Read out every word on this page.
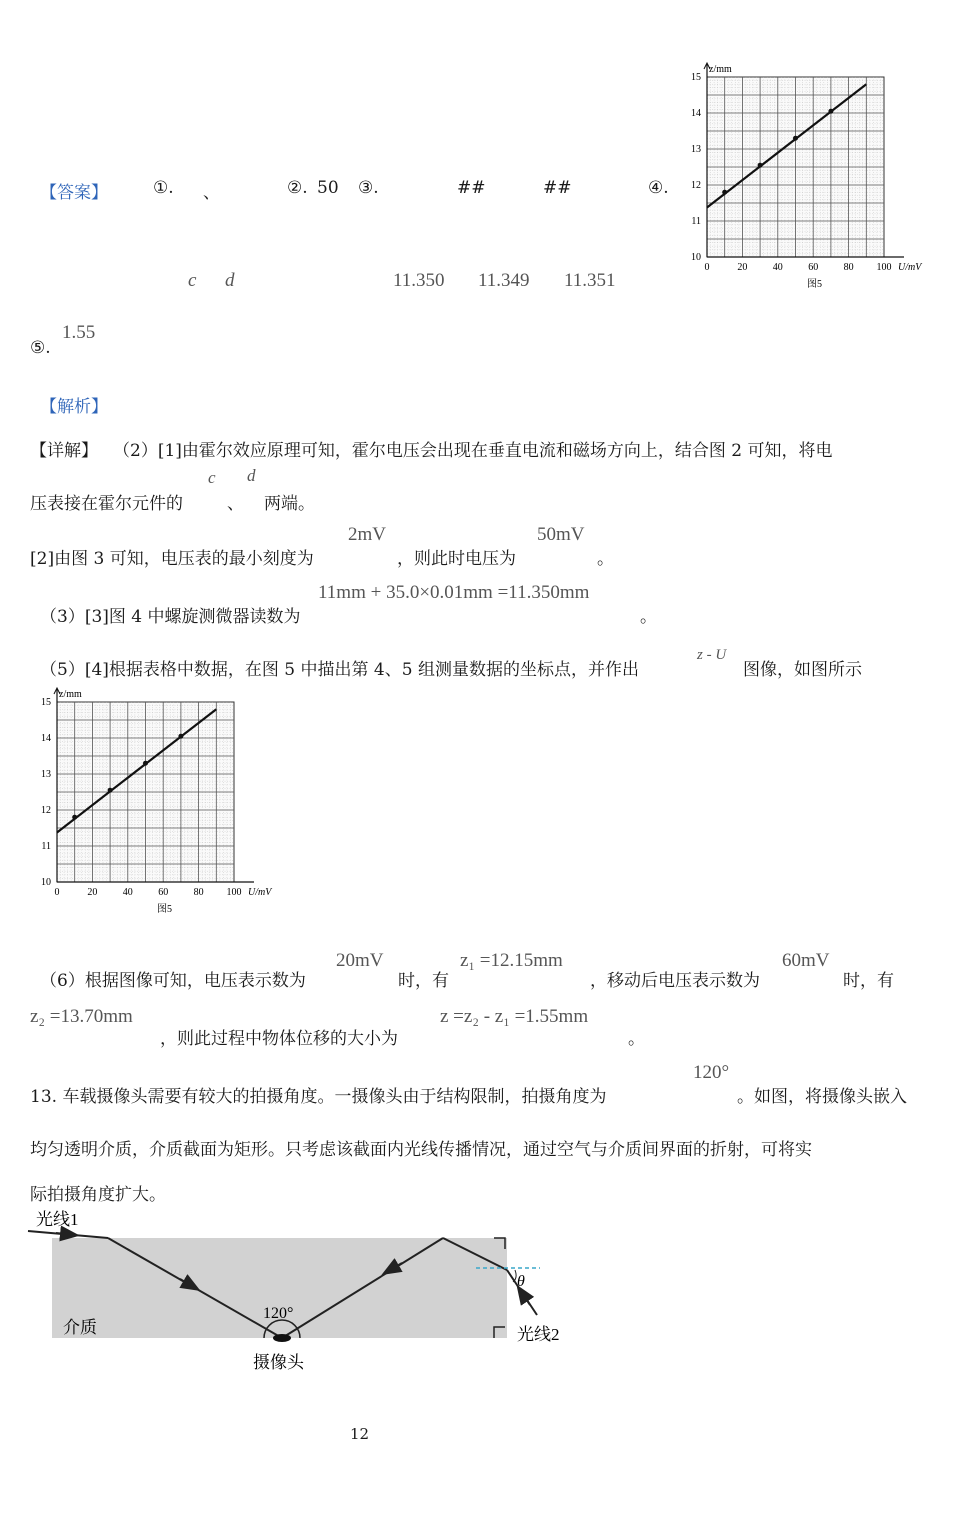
【答案】	①. 、	②. 50 ③.	##	##	④.
c d	11.350 11.349 11.351
1.55
⑤.
15
14
13
12
11
10
0	20	40	60	80 100
z/mm
U/mV
图5
【解析】
【详解】 （2）[1]由霍尔效应原理可知，霍尔电压会出现在垂直电流和磁场方向上，结合图 2 可知，将电
压表接在霍尔元件的
c
、
d
两端。
[2]由图 3 可知，电压表的最小刻度为
2mV
，则此时电压为
50mV
。
（3）[3]图 4 中螺旋测微器读数为
11mm + 35.0×0.01mm =11.350mm
。
（5）[4]根据表格中数据，在图 5 中描出第 4、5 组测量数据的坐标点，并作出
z - U
图像，如图所示
15
14
13
12
11
10
0	20	40	60	80 100
z/mm
U/mV
图5
（6）根据图像可知，电压表示数为
20mV
时，有
z₁ =12.15mm
，移动后电压表示数为
60mV
时，有
z₂ =13.70mm
，则此过程中物体位移的大小为
z =z₂ - z₁ =1.55mm
。
13. 车载摄像头需要有较大的拍摄角度。一摄像头由于结构限制，拍摄角度为
120°
。如图，将摄像头嵌入
均匀透明介质，介质截面为矩形。只考虑该截面内光线传播情况，通过空气与介质间界面的折射，可将实
际拍摄角度扩大。
光线1
光线2
介质
摄像头
120°
θ
12
